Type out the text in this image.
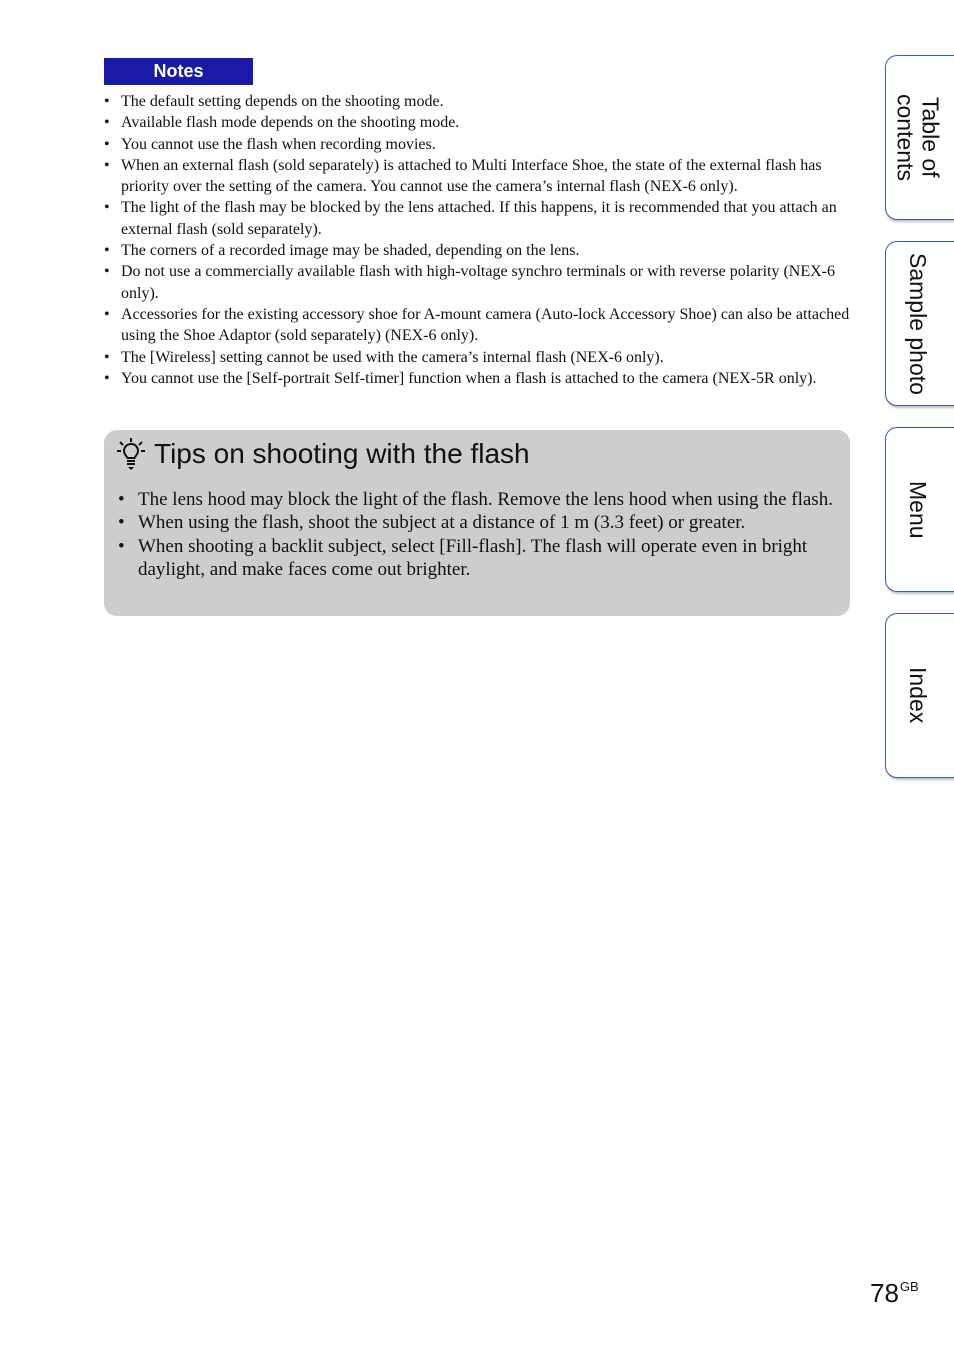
Notes
• The default setting depends on the shooting mode.
• Available flash mode depends on the shooting mode.
• You cannot use the flash when recording movies.
• When an external flash (sold separately) is attached to Multi Interface Shoe, the state of the external flash has priority over the setting of the camera. You cannot use the camera’s internal flash (NEX-6 only).
• The light of the flash may be blocked by the lens attached. If this happens, it is recommended that you attach an external flash (sold separately).
• The corners of a recorded image may be shaded, depending on the lens.
• Do not use a commercially available flash with high-voltage synchro terminals or with reverse polarity (NEX-6 only).
• Accessories for the existing accessory shoe for A-mount camera (Auto-lock Accessory Shoe) can also be attached using the Shoe Adaptor (sold separately) (NEX-6 only).
• The [Wireless] setting cannot be used with the camera’s internal flash (NEX-6 only).
• You cannot use the [Self-portrait Self-timer] function when a flash is attached to the camera (NEX-5R only).
Tips on shooting with the flash
• The lens hood may block the light of the flash. Remove the lens hood when using the flash.
• When using the flash, shoot the subject at a distance of 1 m (3.3 feet) or greater.
• When shooting a backlit subject, select [Fill-flash]. The flash will operate even in bright daylight, and make faces come out brighter.
Table of
contents
Sample photo
Menu
Index
$78^{GB}$
